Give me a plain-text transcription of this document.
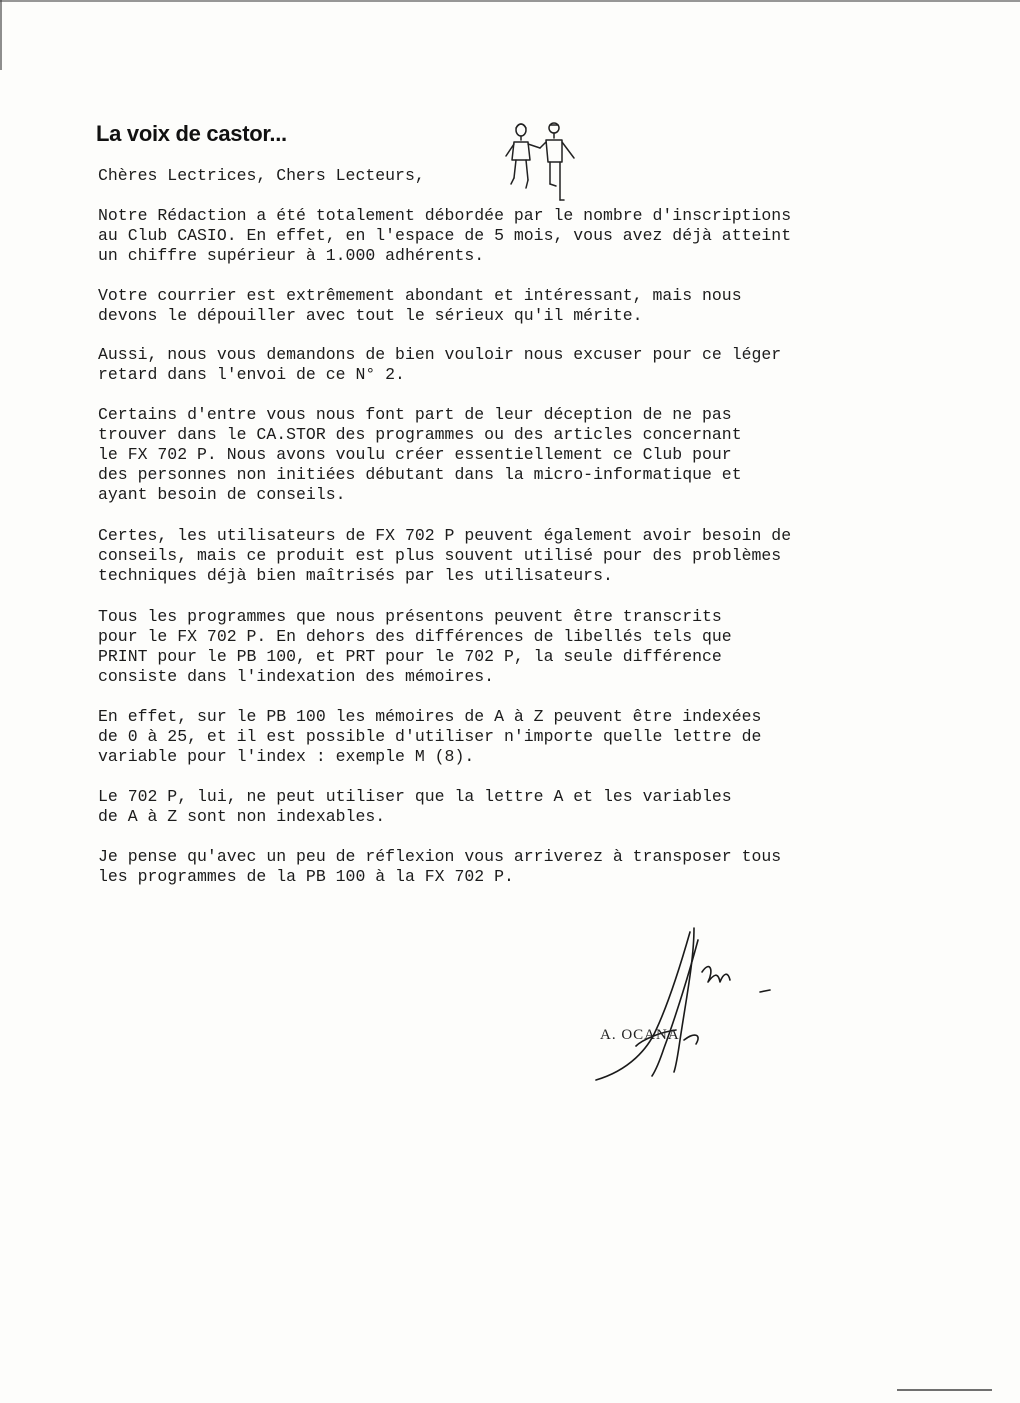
La voix de castor...

Chères Lectrices, Chers Lecteurs,

Notre Rédaction a été totalement débordée par le nombre d'inscriptions
au Club CASIO. En effet, en l'espace de 5 mois, vous avez déjà atteint
un chiffre supérieur à 1.000 adhérents.

Votre courrier est extrêmement abondant et intéressant, mais nous
devons le dépouiller avec tout le sérieux qu'il mérite.

Aussi, nous vous demandons de bien vouloir nous excuser pour ce léger
retard dans l'envoi de ce N° 2.

Certains d'entre vous nous font part de leur déception de ne pas
trouver dans le CA.STOR des programmes ou des articles concernant
le FX 702 P. Nous avons voulu créer essentiellement ce Club pour
des personnes non initiées débutant dans la micro-informatique et
ayant besoin de conseils.

Certes, les utilisateurs de FX 702 P peuvent également avoir besoin de
conseils, mais ce produit est plus souvent utilisé pour des problèmes
techniques déjà bien maîtrisés par les utilisateurs.

Tous les programmes que nous présentons peuvent être transcrits
pour le FX 702 P. En dehors des différences de libellés tels que
PRINT pour le PB 100, et PRT pour le 702 P, la seule différence
consiste dans l'indexation des mémoires.

En effet, sur le PB 100 les mémoires de A à Z peuvent être indexées
de 0 à 25, et il est possible d'utiliser n'importe quelle lettre de
variable pour l'index : exemple M (8).

Le 702 P, lui, ne peut utiliser que la lettre A et les variables
de A à Z sont non indexables.

Je pense qu'avec un peu de réflexion vous arriverez à transposer tous
les programmes de la PB 100 à la FX 702 P.

A. OCANA
